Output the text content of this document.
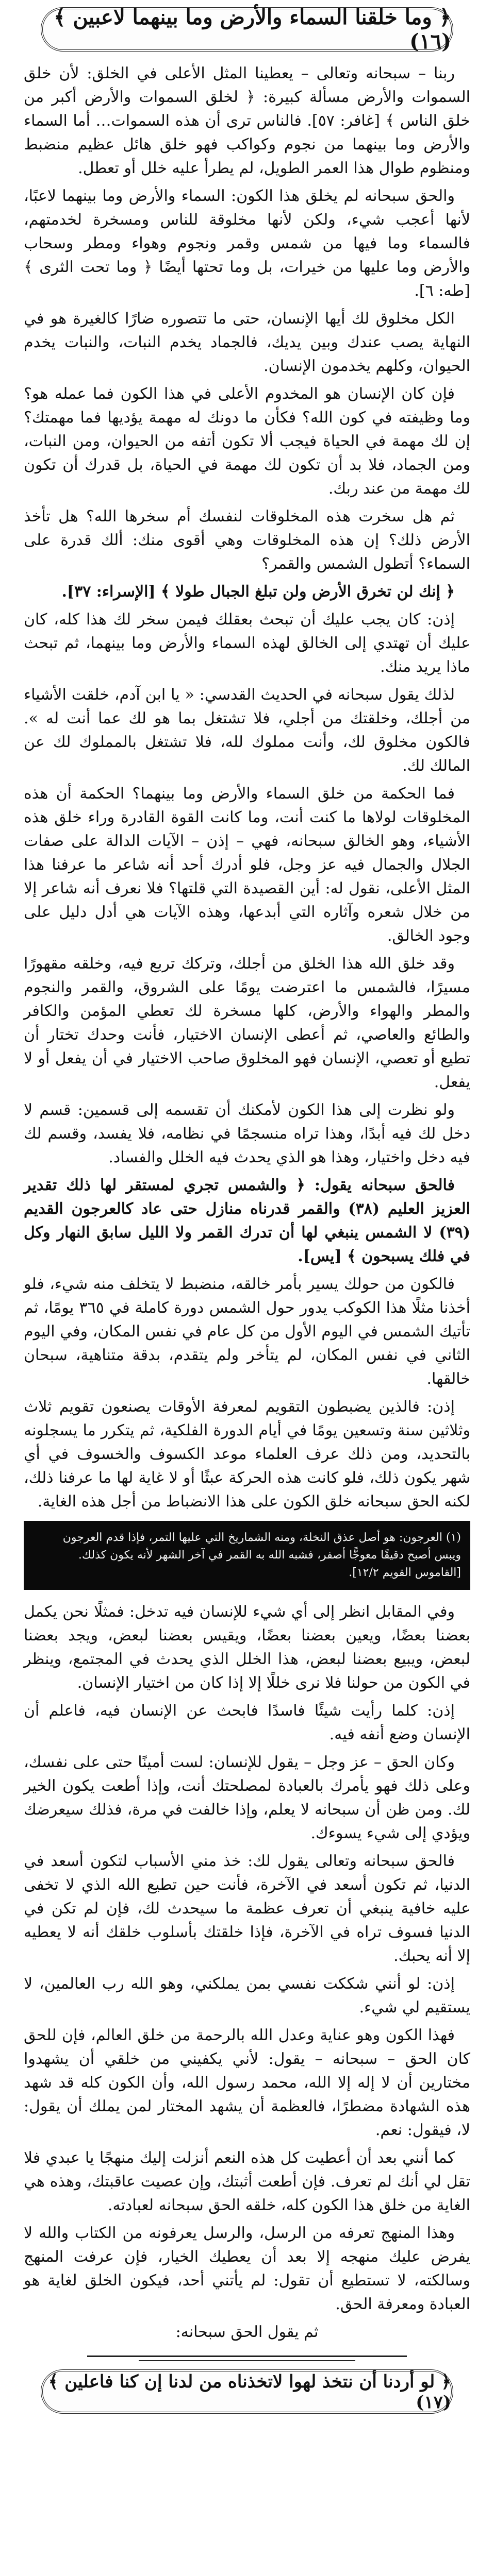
﴿ وما خلقنا السماء والأرض وما بينهما لاعبين ﴾ (١٦)

ربنا – سبحانه وتعالى – يعطينا المثل الأعلى في الخلق: لأن خلق السموات والأرض مسألة كبيرة: ﴿ لخلق السموات والأرض أكبر من خلق الناس ﴾ [غافر: ٥٧]. فالناس ترى أن هذه السموات… أما السماء والأرض وما بينهما من نجوم وكواكب فهو خلق هائل عظيم منضبط ومنظوم طوال هذا العمر الطويل، لم يطرأ عليه خلل أو تعطل.

والحق سبحانه لم يخلق هذا الكون: السماء والأرض وما بينهما لاعبًا، لأنها أعجب شيء، ولكن لأنها مخلوقة للناس ومسخرة لخدمتهم، فالسماء وما فيها من شمس وقمر ونجوم وهواء ومطر وسحاب والأرض وما عليها من خيرات، بل وما تحتها أيضًا ﴿ وما تحت الثرى ﴾ [طه: ٦].

الكل مخلوق لك أيها الإنسان، حتى ما تتصوره ضارًا كالغيرة هو في النهاية يصب عندك وبين يديك، فالجماد يخدم النبات، والنبات يخدم الحيوان، وكلهم يخدمون الإنسان.

فإن كان الإنسان هو المخدوم الأعلى في هذا الكون فما عمله هو؟ وما وظيفته في كون الله؟ فكأن ما دونك له مهمة يؤديها فما مهمتك؟ إن لك مهمة في الحياة فيجب ألا تكون أتفه من الحيوان، ومن النبات، ومن الجماد، فلا بد أن تكون لك مهمة في الحياة، بل قدرك أن تكون لك مهمة من عند ربك.

ثم هل سخرت هذه المخلوقات لنفسك أم سخرها الله؟ هل تأخذ الأرض ذلك؟ إن هذه المخلوقات وهي أقوى منك: ألك قدرة على السماء؟ أتطول الشمس والقمر؟

﴿ إنك لن تخرق الأرض ولن تبلغ الجبال طولا ﴾ [الإسراء: ٣٧].

إذن: كان يجب عليك أن تبحث بعقلك فيمن سخر لك هذا كله، كان عليك أن تهتدي إلى الخالق لهذه السماء والأرض وما بينهما، ثم تبحث ماذا يريد منك.

لذلك يقول سبحانه في الحديث القدسي: « يا ابن آدم، خلقت الأشياء من أجلك، وخلقتك من أجلي، فلا تشتغل بما هو لك عما أنت له ». فالكون مخلوق لك، وأنت مملوك لله، فلا تشتغل بالمملوك لك عن المالك لك.

فما الحكمة من خلق السماء والأرض وما بينهما؟ الحكمة أن هذه المخلوقات لولاها ما كنت أنت، وما كانت القوة القادرة وراء خلق هذه الأشياء، وهو الخالق سبحانه، فهي – إذن – الآيات الدالة على صفات الجلال والجمال فيه عز وجل، فلو أدرك أحد أنه شاعر ما عرفنا هذا المثل الأعلى، نقول له: أين القصيدة التي قلتها؟ فلا نعرف أنه شاعر إلا من خلال شعره وآثاره التي أبدعها، وهذه الآيات هي أدل دليل على وجود الخالق.

وقد خلق الله هذا الخلق من أجلك، وتركك تربع فيه، وخلقه مقهورًا مسيرًا، فالشمس ما اعترضت يومًا على الشروق، والقمر والنجوم والمطر والهواء والأرض، كلها مسخرة لك تعطي المؤمن والكافر والطائع والعاصي، ثم أعطى الإنسان الاختيار، فأنت وحدك تختار أن تطيع أو تعصي، الإنسان فهو المخلوق صاحب الاختيار في أن يفعل أو لا يفعل.

ولو نظرت إلى هذا الكون لأمكنك أن تقسمه إلى قسمين: قسم لا دخل لك فيه أبدًا، وهذا تراه منسجمًا في نظامه، فلا يفسد، وقسم لك فيه دخل واختيار، وهذا هو الذي يحدث فيه الخلل والفساد.

فالحق سبحانه يقول: ﴿ والشمس تجري لمستقر لها ذلك تقدير العزيز العليم (٣٨) والقمر قدرناه منازل حتى عاد كالعرجون القديم (٣٩) لا الشمس ينبغي لها أن تدرك القمر ولا الليل سابق النهار وكل في فلك يسبحون ﴾ [يس].

فالكون من حولك يسير بأمر خالقه، منضبط لا يتخلف منه شيء، فلو أخذنا مثلًا هذا الكوكب يدور حول الشمس دورة كاملة في ٣٦٥ يومًا، ثم تأتيك الشمس في اليوم الأول من كل عام في نفس المكان، وفي اليوم الثاني في نفس المكان، لم يتأخر ولم يتقدم، بدقة متناهية، سبحان خالقها.

إذن: فالذين يضبطون التقويم لمعرفة الأوقات يصنعون تقويم ثلاث وثلاثين سنة وتسعين يومًا في أيام الدورة الفلكية، ثم يتكرر ما يسجلونه بالتحديد، ومن ذلك عرف العلماء موعد الكسوف والخسوف في أي شهر يكون ذلك، فلو كانت هذه الحركة عبثًا أو لا غاية لها ما عرفنا ذلك، لكنه الحق سبحانه خلق الكون على هذا الانضباط من أجل هذه الغاية.

(١) العرجون: هو أصل عذق النخلة، ومنه الشماريخ التي عليها التمر، فإذا قدم العرجون ويبس أصبح دقيقًا معوجًّا أصفر، فشبه الله به القمر في آخر الشهر لأنه يكون كذلك. [القاموس القويم ١٢/٢].

وفي المقابل انظر إلى أي شيء للإنسان فيه تدخل: فمثلًا نحن يكمل بعضنا بعضًا، ويعين بعضنا بعضًا، ويقيس بعضنا لبعض، ويجد بعضنا لبعض، ويبيع بعضنا لبعض، هذا الخلل الذي يحدث في المجتمع، وينظر في الكون من حولنا فلا نرى خللًا إلا إذا كان من اختيار الإنسان.

إذن: كلما رأيت شيئًا فاسدًا فابحث عن الإنسان فيه، فاعلم أن الإنسان وضع أنفه فيه.

وكان الحق – عز وجل – يقول للإنسان: لست أمينًا حتى على نفسك، وعلى ذلك فهو يأمرك بالعبادة لمصلحتك أنت، وإذا أطعت يكون الخير لك. ومن ظن أن سبحانه لا يعلم، وإذا خالفت في مرة، فذلك سيعرضك ويؤدي إلى شيء يسوءك.

فالحق سبحانه وتعالى يقول لك: خذ مني الأسباب لتكون أسعد في الدنيا، ثم تكون أسعد في الآخرة، فأنت حين تطيع الله الذي لا تخفى عليه خافية ينبغي أن تعرف عظمة ما سيحدث لك، فإن لم تكن في الدنيا فسوف تراه في الآخرة، فإذا خلقتك بأسلوب خلقك أنه لا يعطيه إلا أنه يحبك.

إذن: لو أنني شككت نفسي بمن يملكني، وهو الله رب العالمين، لا يستقيم لي شيء.

فهذا الكون وهو عناية وعدل الله بالرحمة من خلق العالم، فإن للحق كان الحق – سبحانه – يقول: لأني يكفيني من خلقي أن يشهدوا مختارين أن لا إله إلا الله، محمد رسول الله، وأن الكون كله قد شهد هذه الشهادة مضطرًا، فالعظمة أن يشهد المختار لمن يملك أن يقول: لا، فيقول: نعم.

كما أنني بعد أن أعطيت كل هذه النعم أنزلت إليك منهجًا يا عبدي فلا تقل لي أنك لم تعرف. فإن أطعت أثبتك، وإن عصيت عاقبتك، وهذه هي الغاية من خلق هذا الكون كله، خلقه الحق سبحانه لعبادته.

وهذا المنهج تعرفه من الرسل، والرسل يعرفونه من الكتاب والله لا يفرض عليك منهجه إلا بعد أن يعطيك الخيار، فإن عرفت المنهج وسالكته، لا تستطيع أن تقول: لم يأتني أحد، فيكون الخلق لغاية هو العبادة ومعرفة الحق.

ثم يقول الحق سبحانه:

﴿ لو أردنا أن نتخذ لهوا لاتخذناه من لدنا إن كنا فاعلين ﴾ (١٧)
